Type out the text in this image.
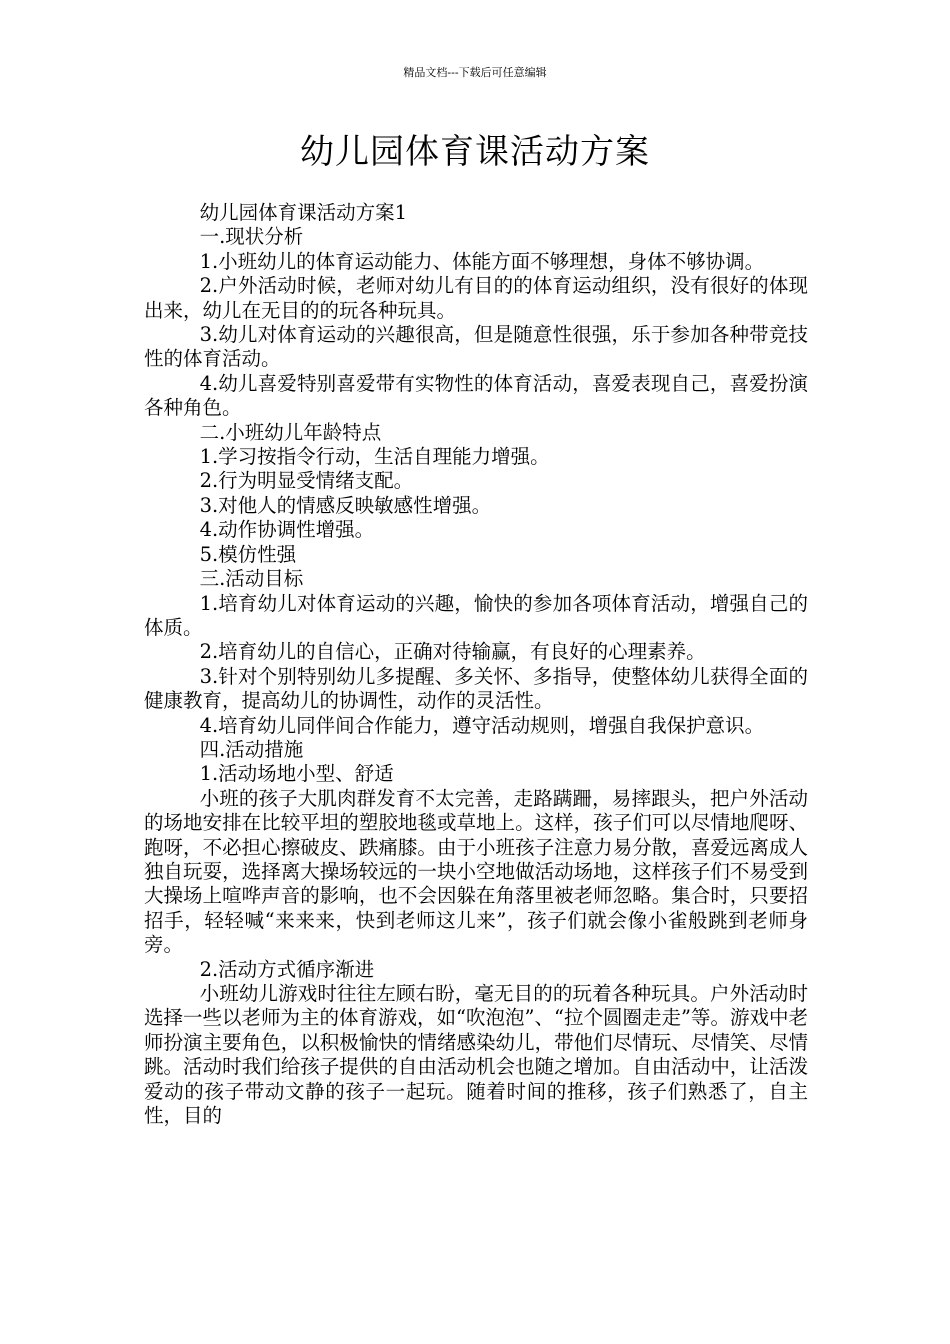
精品文档---下载后可任意编辑
幼儿园体育课活动方案

幼儿园体育课活动方案1

一.现状分析

1.小班幼儿的体育运动能力、体能方面不够理想，身体不够协调。

2.户外活动时候，老师对幼儿有目的的体育运动组织，没有很好的体现出来，幼儿在无目的的玩各种玩具。

3.幼儿对体育运动的兴趣很高，但是随意性很强，乐于参加各种带竞技性的体育活动。

4.幼儿喜爱特别喜爱带有实物性的体育活动，喜爱表现自己，喜爱扮演各种角色。

二.小班幼儿年龄特点

1.学习按指令行动，生活自理能力增强。

2.行为明显受情绪支配。

3.对他人的情感反映敏感性增强。

4.动作协调性增强。

5.模仿性强

三.活动目标

1.培育幼儿对体育运动的兴趣，愉快的参加各项体育活动，增强自己的体质。

2.培育幼儿的自信心，正确对待输赢，有良好的心理素养。

3.针对个别特别幼儿多提醒、多关怀、多指导，使整体幼儿获得全面的健康教育，提高幼儿的协调性，动作的灵活性。

4.培育幼儿同伴间合作能力，遵守活动规则，增强自我保护意识。

四.活动措施

1.活动场地小型、舒适

小班的孩子大肌肉群发育不太完善，走路蹒跚，易摔跟头，把户外活动的场地安排在比较平坦的塑胶地毯或草地上。这样，孩子们可以尽情地爬呀、跑呀，不必担心擦破皮、跌痛膝。由于小班孩子注意力易分散，喜爱远离成人独自玩耍，选择离大操场较远的一块小空地做活动场地，这样孩子们不易受到大操场上喧哗声音的影响，也不会因躲在角落里被老师忽略。集合时，只要招招手，轻轻喊“来来来，快到老师这儿来”，孩子们就会像小雀般跳到老师身旁。

2.活动方式循序渐进

小班幼儿游戏时往往左顾右盼，毫无目的的玩着各种玩具。户外活动时选择一些以老师为主的体育游戏，如“吹泡泡”、“拉个圆圈走走”等。游戏中老师扮演主要角色，以积极愉快的情绪感染幼儿，带他们尽情玩、尽情笑、尽情跳。活动时我们给孩子提供的自由活动机会也随之增加。自由活动中，让活泼爱动的孩子带动文静的孩子一起玩。随着时间的推移，孩子们熟悉了，自主性，目的
